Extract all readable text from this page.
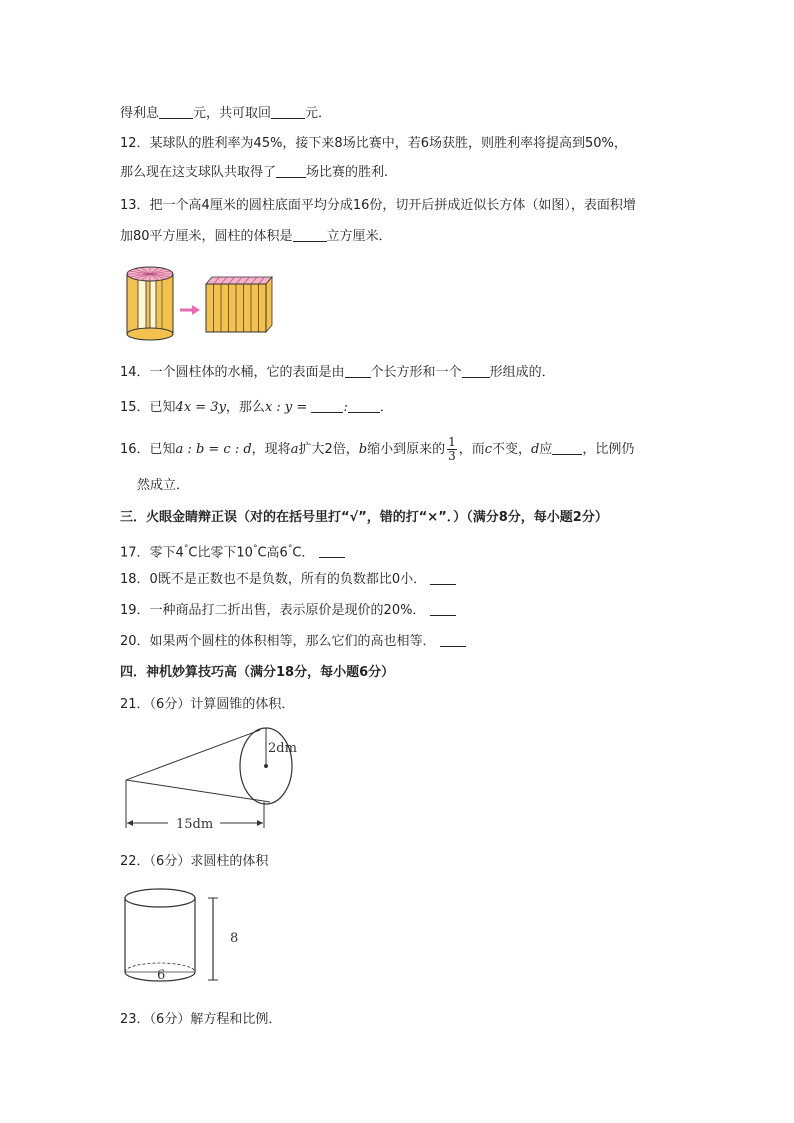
得利息	元，共可取回	元．
12．某球队的胜利率为45%，接下来8场比赛中，若6场获胜，则胜利率将提高到50%，
那么现在这支球队共取得了 场比赛的胜利.
13．把一个高4厘米的圆柱底面平均分成16份，切开后拼成近似长方体（如图），表面积增
加80平方厘米，圆柱的体积是	立方厘米．
14．一个圆柱体的水桶，它的表面是由 个长方形和一个 形组成的．
15．已知4x = 3y，那么x : y =	: ．
16．已知a : b = c : d，现将a扩大2倍，b缩小到原来的 $\frac{1}{3}$ ，而c不变，d应 ，比例仍
然成立．
三．火眼金睛辩正误（对的在括号里打“√”，错的打“×”．）（满分8分，每小题2分）
17．零下4°C比零下10°C高6°C．
18．0既不是正数也不是负数，所有的负数都比0小．
19．一种商品打二折出售，表示原价是现价的20%．
20．如果两个圆柱的体积相等，那么它们的高也相等．
四．神机妙算技巧高（满分18分，每小题6分）
21．（6分）计算圆锥的体积．
2dm
15dm
22．（6分）求圆柱的体积
6
8
23．（6分）解方程和比例．
